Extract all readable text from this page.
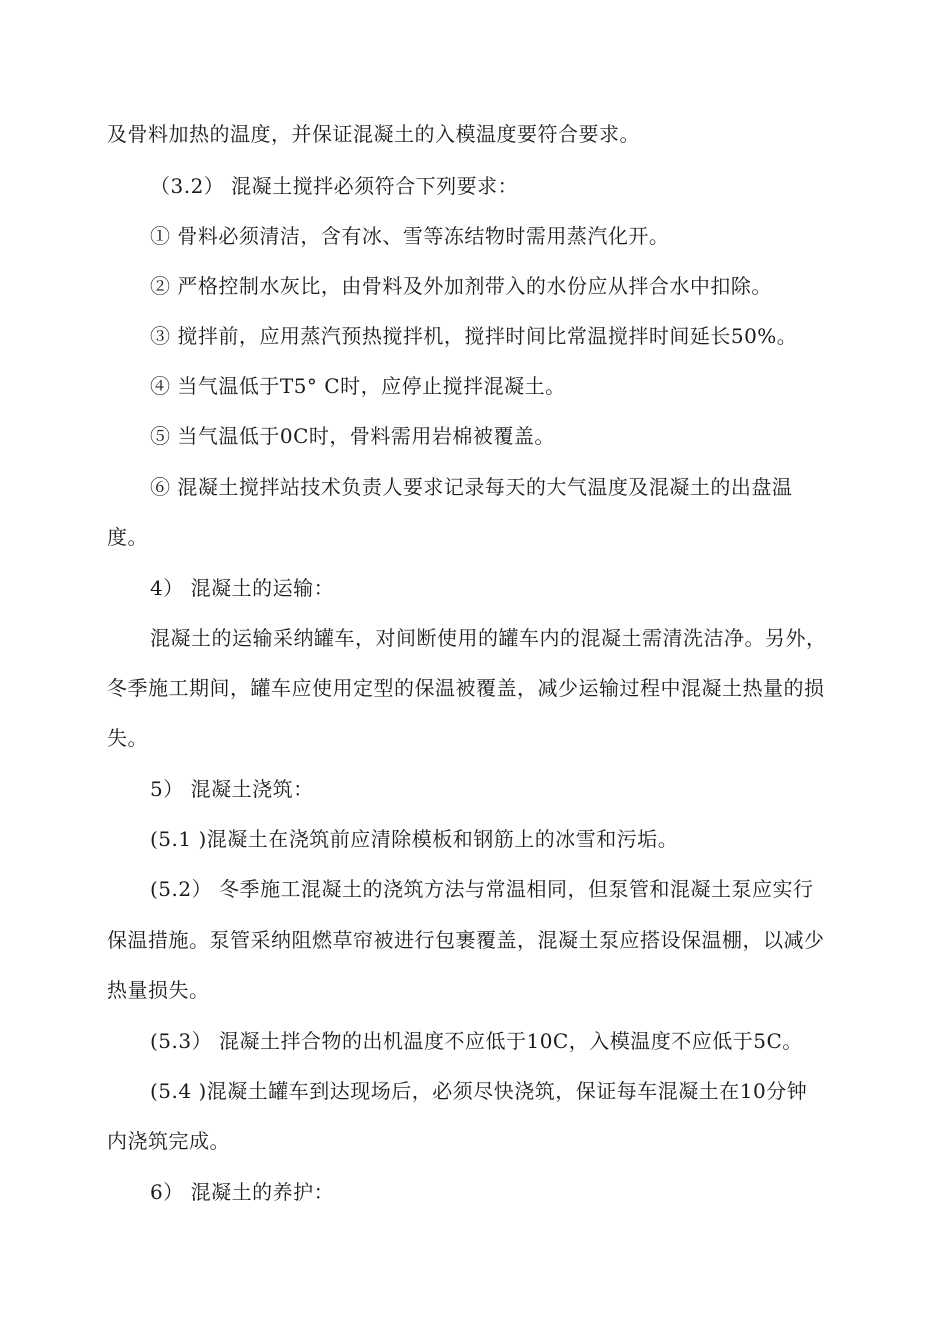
及骨料加热的温度，并保证混凝土的入模温度要符合要求。
（3.2） 混凝土搅拌必须符合下列要求：
① 骨料必须清洁，含有冰、雪等冻结物时需用蒸汽化开。
② 严格控制水灰比，由骨料及外加剂带入的水份应从拌合水中扣除。
③ 搅拌前，应用蒸汽预热搅拌机，搅拌时间比常温搅拌时间延长50%。
④ 当气温低于T5° C时，应停止搅拌混凝土。
⑤ 当气温低于0C时，骨料需用岩棉被覆盖。
⑥ 混凝土搅拌站技术负责人要求记录每天的大气温度及混凝土的出盘温
度。
4） 混凝土的运输：
混凝土的运输采纳罐车，对间断使用的罐车内的混凝土需清洗洁净。另外，
冬季施工期间，罐车应使用定型的保温被覆盖，减少运输过程中混凝土热量的损
失。
5） 混凝土浇筑：
(5.1 )混凝土在浇筑前应清除模板和钢筋上的冰雪和污垢。
(5.2） 冬季施工混凝土的浇筑方法与常温相同，但泵管和混凝土泵应实行
保温措施。泵管采纳阻燃草帘被进行包裹覆盖，混凝土泵应搭设保温棚，以减少
热量损失。
(5.3） 混凝土拌合物的出机温度不应低于10C，入模温度不应低于5C。
(5.4 )混凝土罐车到达现场后，必须尽快浇筑，保证每车混凝土在10分钟
内浇筑完成。
6） 混凝土的养护：
